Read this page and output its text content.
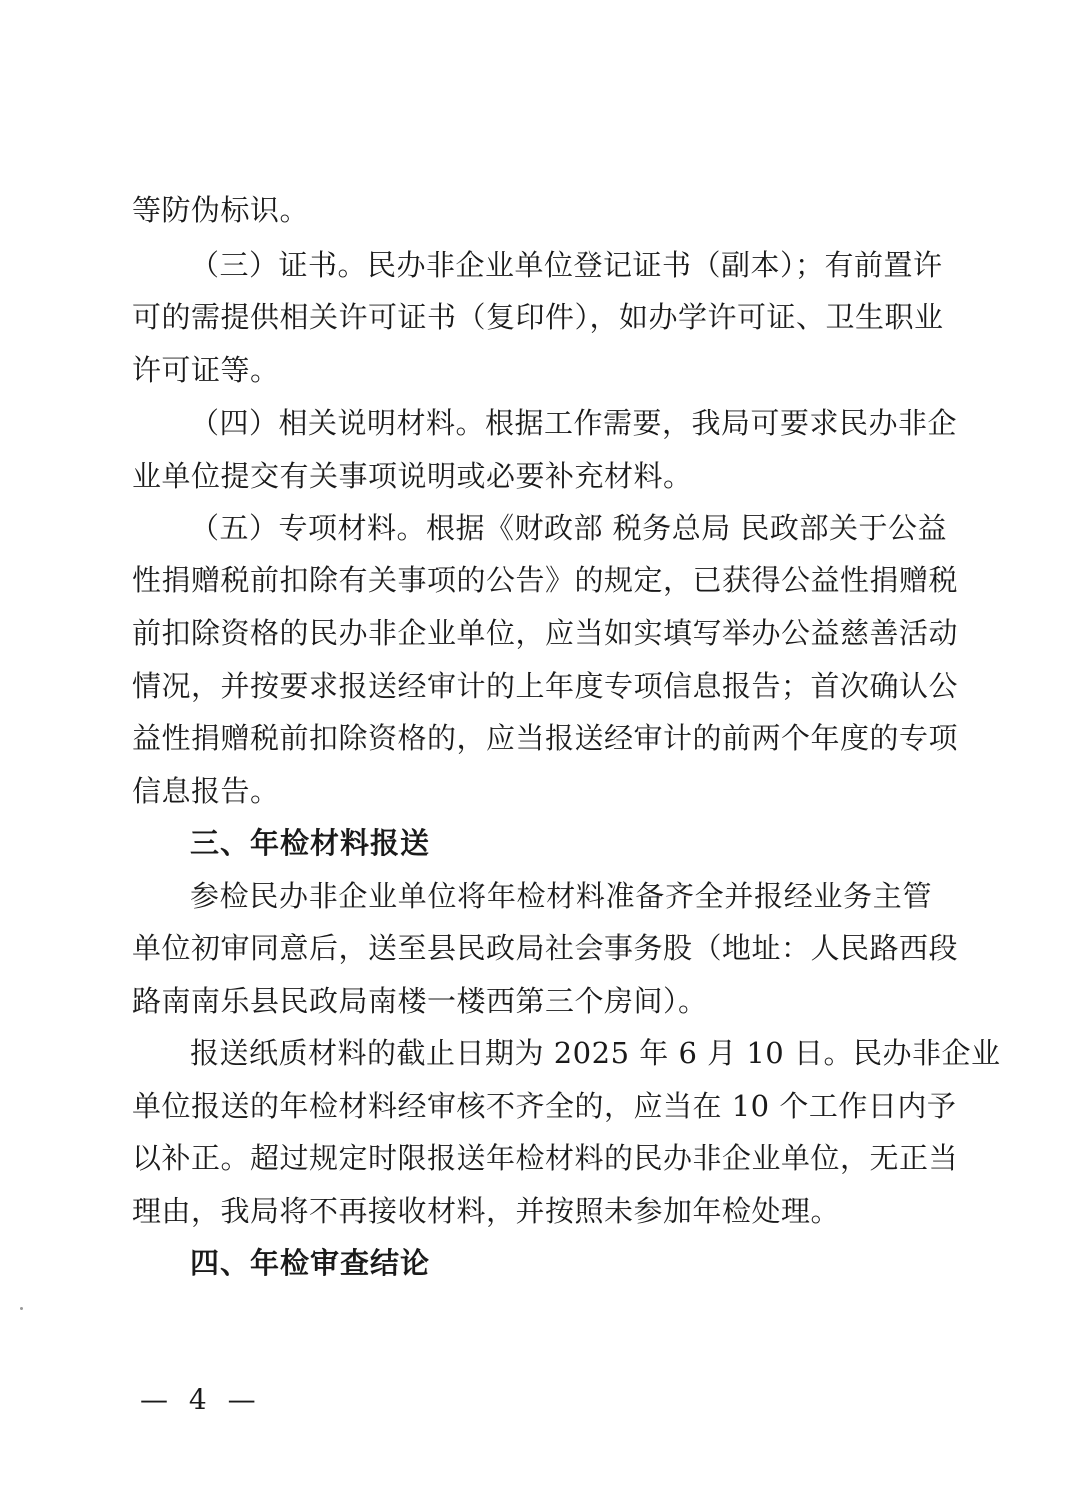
等防伪标识。
（三）证书。民办非企业单位登记证书（副本）；有前置许
可的需提供相关许可证书（复印件），如办学许可证、卫生职业
许可证等。
（四）相关说明材料。根据工作需要，我局可要求民办非企
业单位提交有关事项说明或必要补充材料。
（五）专项材料。根据《财政部 税务总局 民政部关于公益
性捐赠税前扣除有关事项的公告》的规定，已获得公益性捐赠税
前扣除资格的民办非企业单位，应当如实填写举办公益慈善活动
情况，并按要求报送经审计的上年度专项信息报告；首次确认公
益性捐赠税前扣除资格的，应当报送经审计的前两个年度的专项
信息报告。
三、年检材料报送
参检民办非企业单位将年检材料准备齐全并报经业务主管
单位初审同意后，送至县民政局社会事务股（地址：人民路西段
路南南乐县民政局南楼一楼西第三个房间）。
报送纸质材料的截止日期为 2025 年 6 月 10 日。民办非企业
单位报送的年检材料经审核不齐全的，应当在 10 个工作日内予
以补正。超过规定时限报送年检材料的民办非企业单位，无正当
理由，我局将不再接收材料，并按照未参加年检处理。
四、年检审查结论
— 4 —
